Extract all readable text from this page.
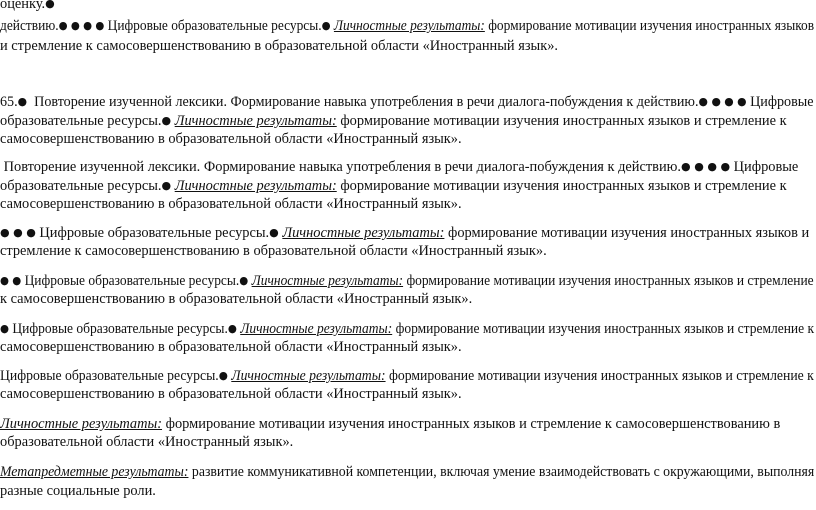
оценку.●
действию.● ● ● ● Цифровые образовательные ресурсы.● Личностные результаты: формирование мотивации изучения иностранных языков
и стремление к самосовершенствованию в образовательной области «Иностранный язык».
65.● Повторение изученной лексики. Формирование навыка употребления в речи диалога-побуждения к действию.● ● ● ● Цифровые
образовательные ресурсы.● Личностные результаты: формирование мотивации изучения иностранных языков и стремление к
самосовершенствованию в образовательной области «Иностранный язык».
Повторение изученной лексики. Формирование навыка употребления в речи диалога-побуждения к действию.● ● ● ● Цифровые
образовательные ресурсы.● Личностные результаты: формирование мотивации изучения иностранных языков и стремление к
самосовершенствованию в образовательной области «Иностранный язык».
● ● ● Цифровые образовательные ресурсы.● Личностные результаты: формирование мотивации изучения иностранных языков и
стремление к самосовершенствованию в образовательной области «Иностранный язык».
● ● Цифровые образовательные ресурсы.● Личностные результаты: формирование мотивации изучения иностранных языков и стремление
к самосовершенствованию в образовательной области «Иностранный язык».
● Цифровые образовательные ресурсы.● Личностные результаты: формирование мотивации изучения иностранных языков и стремление к
самосовершенствованию в образовательной области «Иностранный язык».
Цифровые образовательные ресурсы.● Личностные результаты: формирование мотивации изучения иностранных языков и стремление к
самосовершенствованию в образовательной области «Иностранный язык».
Личностные результаты: формирование мотивации изучения иностранных языков и стремление к самосовершенствованию в
образовательной области «Иностранный язык».
Метапредметные результаты: развитие коммуникативной компетенции, включая умение взаимодействовать с окружающими, выполняя
разные социальные роли.
